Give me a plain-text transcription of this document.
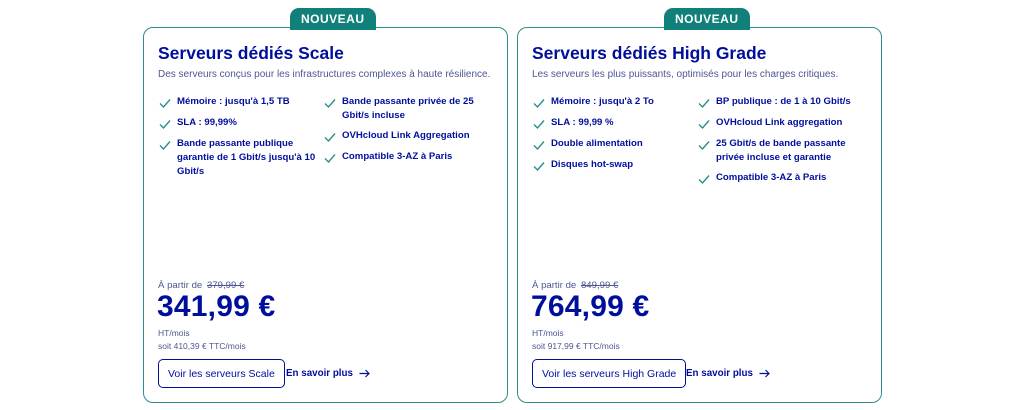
NOUVEAU
Serveurs dédiés Scale
Des serveurs conçus pour les infrastructures complexes à haute résilience.
Mémoire : jusqu'à 1,5 TB
SLA : 99,99%
Bande passante publique garantie de 1 Gbit/s jusqu'à 10 Gbit/s
Bande passante privée de 25 Gbit/s incluse
OVHcloud Link Aggregation
Compatible 3-AZ à Paris
À partir de 379,99 €
341,99 €
HT/mois
soit 410,39 € TTC/mois
Voir les serveurs Scale	En savoir plus
NOUVEAU
Serveurs dédiés High Grade
Les serveurs les plus puissants, optimisés pour les charges critiques.
Mémoire : jusqu'à 2 To
SLA : 99,99 %
Double alimentation
Disques hot-swap
BP publique : de 1 à 10 Gbit/s
OVHcloud Link aggregation
25 Gbit/s de bande passante privée incluse et garantie
Compatible 3-AZ à Paris
À partir de 849,99 €
764,99 €
HT/mois
soit 917,99 € TTC/mois
Voir les serveurs High Grade En savoir plus
